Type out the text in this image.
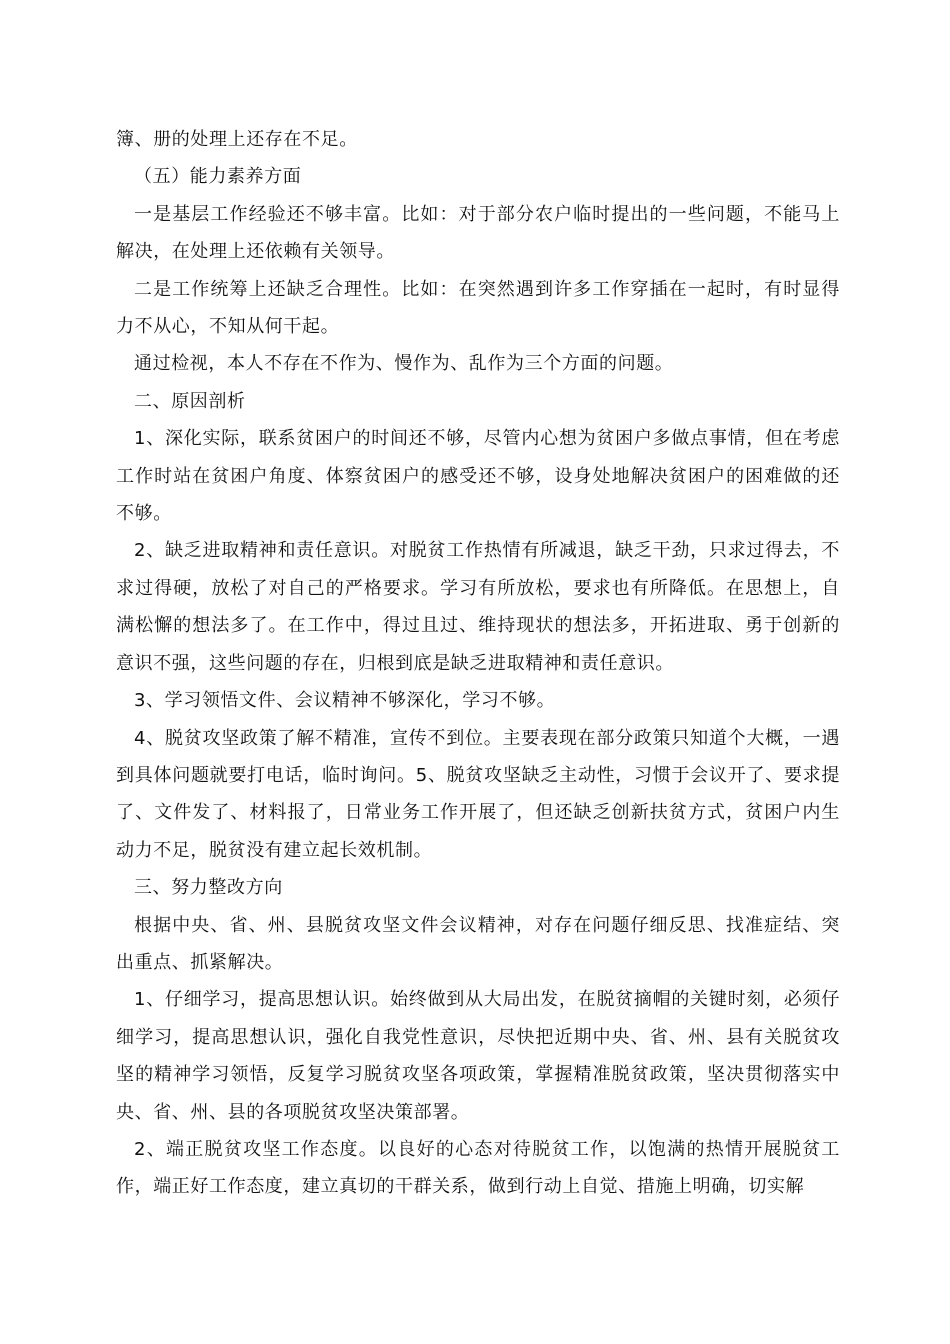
簿、册的处理上还存在不足。

（五）能力素养方面

一是基层工作经验还不够丰富。比如：对于部分农户临时提出的一些问题，不能马上解决，在处理上还依赖有关领导。

二是工作统筹上还缺乏合理性。比如：在突然遇到许多工作穿插在一起时，有时显得力不从心，不知从何干起。

通过检视，本人不存在不作为、慢作为、乱作为三个方面的问题。

二、原因剖析

1、深化实际，联系贫困户的时间还不够，尽管内心想为贫困户多做点事情，但在考虑工作时站在贫困户角度、体察贫困户的感受还不够，设身处地解决贫困户的困难做的还不够。

2、缺乏进取精神和责任意识。对脱贫工作热情有所减退，缺乏干劲，只求过得去，不求过得硬，放松了对自己的严格要求。学习有所放松，要求也有所降低。在思想上，自满松懈的想法多了。在工作中，得过且过、维持现状的想法多，开拓进取、勇于创新的意识不强，这些问题的存在，归根到底是缺乏进取精神和责任意识。

3、学习领悟文件、会议精神不够深化，学习不够。

4、脱贫攻坚政策了解不精准，宣传不到位。主要表现在部分政策只知道个大概，一遇到具体问题就要打电话，临时询问。5、脱贫攻坚缺乏主动性，习惯于会议开了、要求提了、文件发了、材料报了，日常业务工作开展了，但还缺乏创新扶贫方式，贫困户内生动力不足，脱贫没有建立起长效机制。

三、努力整改方向

根据中央、省、州、县脱贫攻坚文件会议精神，对存在问题仔细反思、找准症结、突出重点、抓紧解决。

1、仔细学习，提高思想认识。始终做到从大局出发，在脱贫摘帽的关键时刻，必须仔细学习，提高思想认识，强化自我党性意识，尽快把近期中央、省、州、县有关脱贫攻坚的精神学习领悟，反复学习脱贫攻坚各项政策，掌握精准脱贫政策，坚决贯彻落实中央、省、州、县的各项脱贫攻坚决策部署。

2、端正脱贫攻坚工作态度。以良好的心态对待脱贫工作，以饱满的热情开展脱贫工作，端正好工作态度，建立真切的干群关系，做到行动上自觉、措施上明确，切实解
